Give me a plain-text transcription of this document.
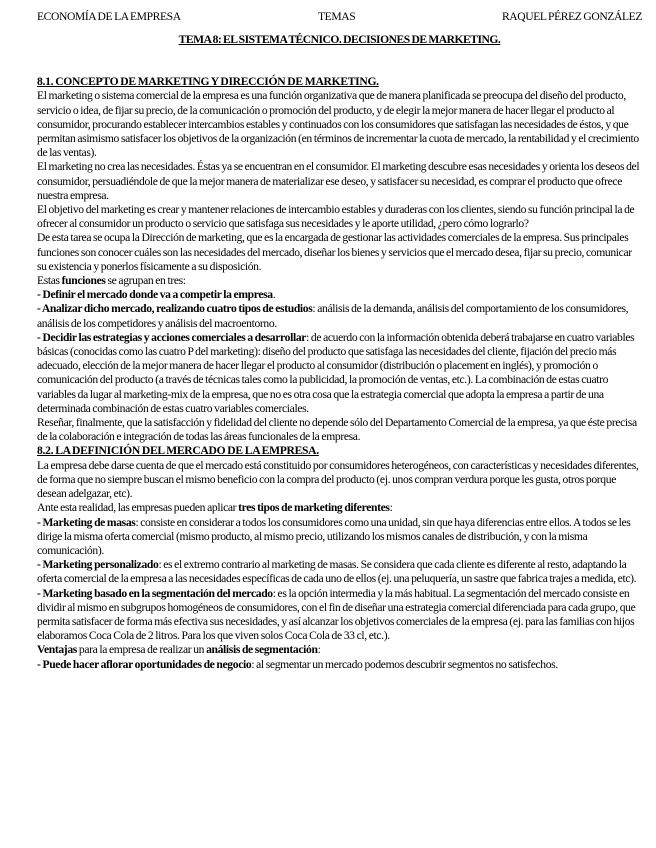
ECONOMÍA DE LA EMPRESA	TEMAS	RAQUEL PÉREZ GONZÁLEZ
TEMA 8: EL SISTEMA TÉCNICO. DECISIONES DE MARKETING.
8.1. CONCEPTO DE MARKETING Y DIRECCIÓN DE MARKETING.

El marketing o sistema comercial de la empresa es una función organizativa que de manera planificada se preocupa del diseño del producto, servicio o idea, de fijar su precio, de la comunicación o promoción del producto, y de elegir la mejor manera de hacer llegar el producto al consumidor, procurando establecer intercambios estables y continuados con los consumidores que satisfagan las necesidades de éstos, y que permitan asimismo satisfacer los objetivos de la organización (en términos de incrementar la cuota de mercado, la rentabilidad y el crecimiento de las ventas).

El marketing no crea las necesidades. Éstas ya se encuentran en el consumidor. El marketing descubre esas necesidades y orienta los deseos del consumidor, persuadiéndole de que la mejor manera de materializar ese deseo, y satisfacer su necesidad, es comprar el producto que ofrece nuestra empresa.

El objetivo del marketing es crear y mantener relaciones de intercambio estables y duraderas con los clientes, siendo su función principal la de ofrecer al consumidor un producto o servicio que satisfaga sus necesidades y le aporte utilidad, ¿pero cómo lograrlo?

De esta tarea se ocupa la Dirección de marketing, que es la encargada de gestionar las actividades comerciales de la empresa. Sus principales funciones son conocer cuáles son las necesidades del mercado, diseñar los bienes y servicios que el mercado desea, fijar su precio, comunicar su existencia y ponerlos físicamente a su disposición.

Estas funciones se agrupan en tres:

- Definir el mercado donde va a competir la empresa.

- Analizar dicho mercado, realizando cuatro tipos de estudios: análisis de la demanda, análisis del comportamiento de los consumidores, análisis de los competidores y análisis del macroentorno.

- Decidir las estrategias y acciones comerciales a desarrollar: de acuerdo con la información obtenida deberá trabajarse en cuatro variables básicas (conocidas como las cuatro P del marketing): diseño del producto que satisfaga las necesidades del cliente, fijación del precio más adecuado, elección de la mejor manera de hacer llegar el producto al consumidor (distribución o placement en inglés), y promoción o comunicación del producto (a través de técnicas tales como la publicidad, la promoción de ventas, etc.). La combinación de estas cuatro variables da lugar al marketing-mix de la empresa, que no es otra cosa que la estrategia comercial que adopta la empresa a partir de una determinada combinación de estas cuatro variables comerciales.

Reseñar, finalmente, que la satisfacción y fidelidad del cliente no depende sólo del Departamento Comercial de la empresa, ya que éste precisa de la colaboración e integración de todas las áreas funcionales de la empresa.

8.2. LA DEFINICIÓN DEL MERCADO DE LA EMPRESA.

La empresa debe darse cuenta de que el mercado está constituido por consumidores heterogéneos, con características y necesidades diferentes, de forma que no siempre buscan el mismo beneficio con la compra del producto (ej. unos compran verdura porque les gusta, otros porque desean adelgazar, etc).

Ante esta realidad, las empresas pueden aplicar tres tipos de marketing diferentes:

- Marketing de masas: consiste en considerar a todos los consumidores como una unidad, sin que haya diferencias entre ellos. A todos se les dirige la misma oferta comercial (mismo producto, al mismo precio, utilizando los mismos canales de distribución, y con la misma comunicación).

- Marketing personalizado: es el extremo contrario al marketing de masas. Se considera que cada cliente es diferente al resto, adaptando la oferta comercial de la empresa a las necesidades específicas de cada uno de ellos (ej. una peluquería, un sastre que fabrica trajes a medida, etc).

- Marketing basado en la segmentación del mercado: es la opción intermedia y la más habitual. La segmentación del mercado consiste en dividir al mismo en subgrupos homogéneos de consumidores, con el fin de diseñar una estrategia comercial diferenciada para cada grupo, que permita satisfacer de forma más efectiva sus necesidades, y así alcanzar los objetivos comerciales de la empresa (ej. para las familias con hijos elaboramos Coca Cola de 2 litros. Para los que viven solos Coca Cola de 33 cl, etc.).

Ventajas para la empresa de realizar un análisis de segmentación:

- Puede hacer aflorar oportunidades de negocio: al segmentar un mercado podemos descubrir segmentos no satisfechos.
